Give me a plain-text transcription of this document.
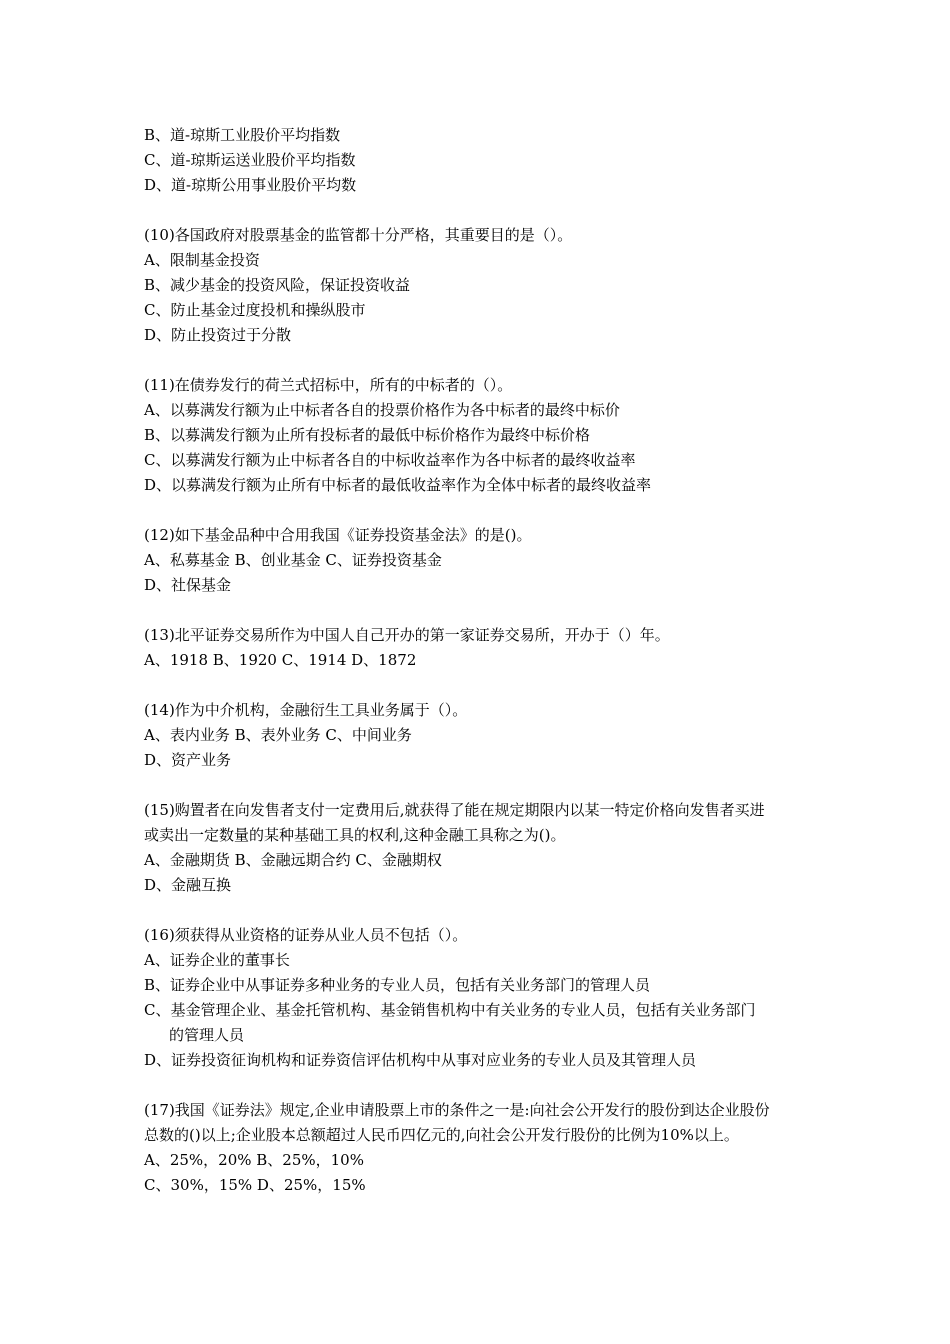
B、道-琼斯工业股价平均指数
C、道-琼斯运送业股价平均指数
D、道-琼斯公用事业股价平均数
(10)各国政府对股票基金的监管都十分严格，其重要目的是（）。
A、限制基金投资
B、减少基金的投资风险，保证投资收益
C、防止基金过度投机和操纵股市
D、防止投资过于分散
(11)在债券发行的荷兰式招标中，所有的中标者的（）。
A、以募满发行额为止中标者各自的投票价格作为各中标者的最终中标价
B、以募满发行额为止所有投标者的最低中标价格作为最终中标价格
C、以募满发行额为止中标者各自的中标收益率作为各中标者的最终收益率
D、以募满发行额为止所有中标者的最低收益率作为全体中标者的最终收益率
(12)如下基金品种中合用我国《证券投资基金法》的是()。
A、私募基金 B、创业基金 C、证券投资基金
D、社保基金
(13)北平证券交易所作为中国人自己开办的第一家证券交易所，开办于（）年。
A、1918 B、1920 C、1914 D、1872
(14)作为中介机构，金融衍生工具业务属于（）。
A、表内业务 B、表外业务 C、中间业务
D、资产业务
(15)购置者在向发售者支付一定费用后,就获得了能在规定期限内以某一特定价格向发售者买进
或卖出一定数量的某种基础工具的权利,这种金融工具称之为()。
A、金融期货 B、金融远期合约 C、金融期权
D、金融互换
(16)须获得从业资格的证券从业人员不包括（）。
A、证券企业的董事长
B、证券企业中从事证券多种业务的专业人员，包括有关业务部门的管理人员
C、基金管理企业、基金托管机构、基金销售机构中有关业务的专业人员，包括有关业务部门
的管理人员
D、证券投资征询机构和证券资信评估机构中从事对应业务的专业人员及其管理人员
(17)我国《证券法》规定,企业申请股票上市的条件之一是:向社会公开发行的股份到达企业股份
总数的()以上;企业股本总额超过人民币四亿元的,向社会公开发行股份的比例为10%以上。
A、25%，20% B、25%，10%
C、30%，15% D、25%，15%
